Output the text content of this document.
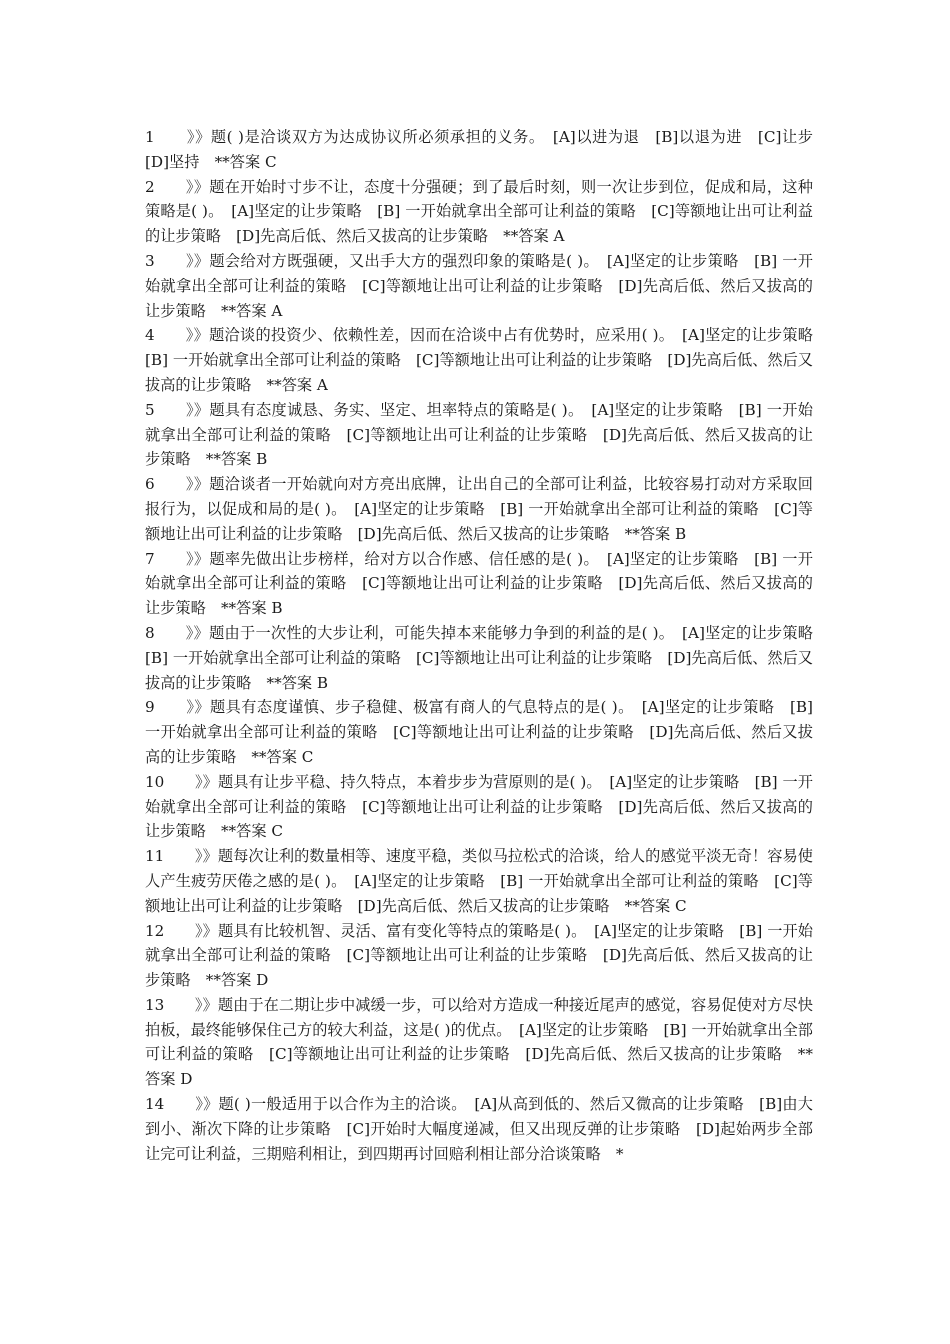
1　　》》题( )是洽谈双方为达成协议所必须承担的义务。　[A]以进为退　[B]以退为进　[C]让步　[D]坚持　**答案 C

2　　》》题在开始时寸步不让，态度十分强硬；到了最后时刻，则一次让步到位，促成和局，这种策略是( )。　[A]坚定的让步策略　[B] 一开始就拿出全部可让利益的策略　[C]等额地让出可让利益的让步策略　[D]先高后低、然后又拔高的让步策略　**答案 A

3　　》》题会给对方既强硬，又出手大方的强烈印象的策略是( )。　[A]坚定的让步策略　[B] 一开始就拿出全部可让利益的策略　[C]等额地让出可让利益的让步策略　[D]先高后低、然后又拔高的让步策略　**答案 A

4　　》》题洽谈的投资少、依赖性差，因而在洽谈中占有优势时，应采用( )。　[A]坚定的让步策略　[B] 一开始就拿出全部可让利益的策略　[C]等额地让出可让利益的让步策略　[D]先高后低、然后又拔高的让步策略　**答案 A

5　　》》题具有态度诚恳、务实、坚定、坦率特点的策略是( )。　[A]坚定的让步策略　[B] 一开始就拿出全部可让利益的策略　[C]等额地让出可让利益的让步策略　[D]先高后低、然后又拔高的让步策略　**答案 B

6　　》》题洽谈者一开始就向对方亮出底牌，让出自己的全部可让利益，比较容易打动对方采取回报行为，以促成和局的是( )。　[A]坚定的让步策略　[B] 一开始就拿出全部可让利益的策略　[C]等额地让出可让利益的让步策略　[D]先高后低、然后又拔高的让步策略　**答案 B

7　　》》题率先做出让步榜样，给对方以合作感、信任感的是( )。　[A]坚定的让步策略　[B] 一开始就拿出全部可让利益的策略　[C]等额地让出可让利益的让步策略　[D]先高后低、然后又拔高的让步策略　**答案 B

8　　》》题由于一次性的大步让利，可能失掉本来能够力争到的利益的是( )。　[A]坚定的让步策略　[B] 一开始就拿出全部可让利益的策略　[C]等额地让出可让利益的让步策略　[D]先高后低、然后又拔高的让步策略　**答案 B

9　　》》题具有态度谨慎、步子稳健、极富有商人的气息特点的是( )。　[A]坚定的让步策略　[B] 一开始就拿出全部可让利益的策略　[C]等额地让出可让利益的让步策略　[D]先高后低、然后又拔高的让步策略　**答案 C

10　　》》题具有让步平稳、持久特点，本着步步为营原则的是( )。　[A]坚定的让步策略　[B] 一开始就拿出全部可让利益的策略　[C]等额地让出可让利益的让步策略　[D]先高后低、然后又拔高的让步策略　**答案 C

11　　》》题每次让利的数量相等、速度平稳，类似马拉松式的洽谈，给人的感觉平淡无奇！容易使人产生疲劳厌倦之感的是( )。　[A]坚定的让步策略　[B] 一开始就拿出全部可让利益的策略　[C]等额地让出可让利益的让步策略　[D]先高后低、然后又拔高的让步策略　**答案 C

12　　》》题具有比较机智、灵活、富有变化等特点的策略是( )。　[A]坚定的让步策略　[B] 一开始就拿出全部可让利益的策略　[C]等额地让出可让利益的让步策略　[D]先高后低、然后又拔高的让步策略　**答案 D

13　　》》题由于在二期让步中减缓一步，可以给对方造成一种接近尾声的感觉，容易促使对方尽快拍板，最终能够保住己方的较大利益，这是( )的优点。　[A]坚定的让步策略　[B] 一开始就拿出全部可让利益的策略　[C]等额地让出可让利益的让步策略　[D]先高后低、然后又拔高的让步策略　**答案 D

14　　》》题( )一般适用于以合作为主的洽谈。　[A]从高到低的、然后又微高的让步策略　[B]由大到小、渐次下降的让步策略　[C]开始时大幅度递减，但又出现反弹的让步策略　[D]起始两步全部让完可让利益，三期赔利相让，到四期再讨回赔利相让部分洽谈策略　*
